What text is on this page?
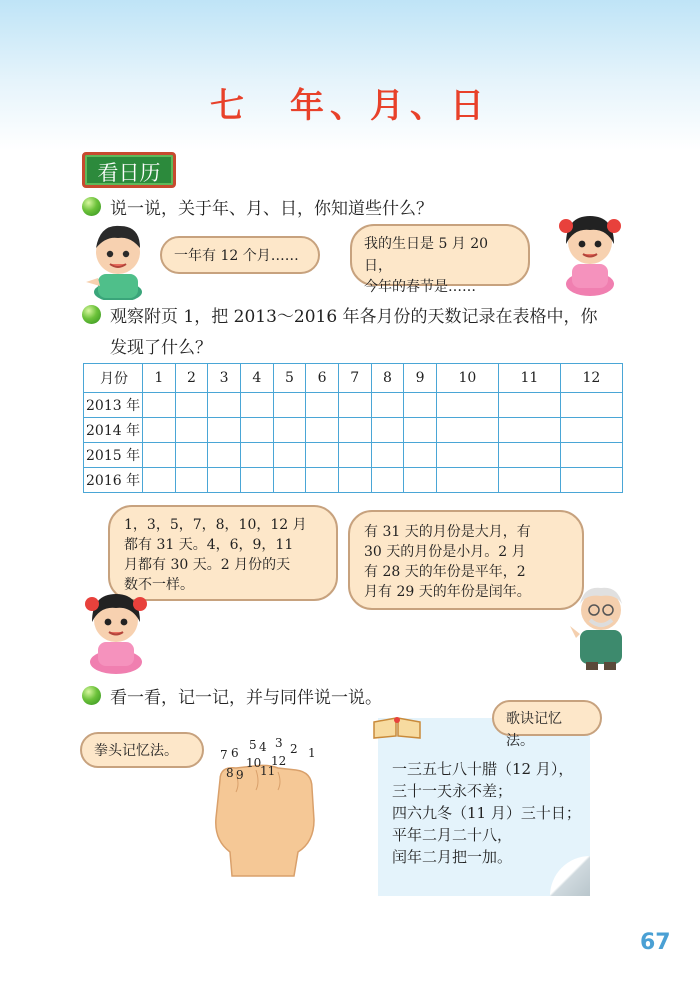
七　年、月、日
看日历
说一说，关于年、月、日，你知道些什么？
一年有 12 个月……
我的生日是 5 月 20 日，
今年的春节是……
观察附页 1，把 2013～2016 年各月份的天数记录在表格中，你
发现了什么？
月份	1	2	3	4	5	6	7	8	9	10	11	12
2013 年												
2014 年												
2015 年												
2016 年												
1，3，5，7，8，10，12 月
都有 31 天。4，6，9，11
月都有 30 天。2 月份的天
数不一样。
有 31 天的月份是大月，有
30 天的月份是小月。2 月
有 28 天的年份是平年，2
月有 29 天的年份是闰年。
看一看，记一记，并与同伴说一说。
拳头记忆法。	7 6
5 4 3 2 1
8 9
10
11
12	一三五七八十腊（12 月），
三十一天永不差；
四六九冬（11 月）三十日；
平年二月二十八，
闰年二月把一加。
歌诀记忆法。
67
